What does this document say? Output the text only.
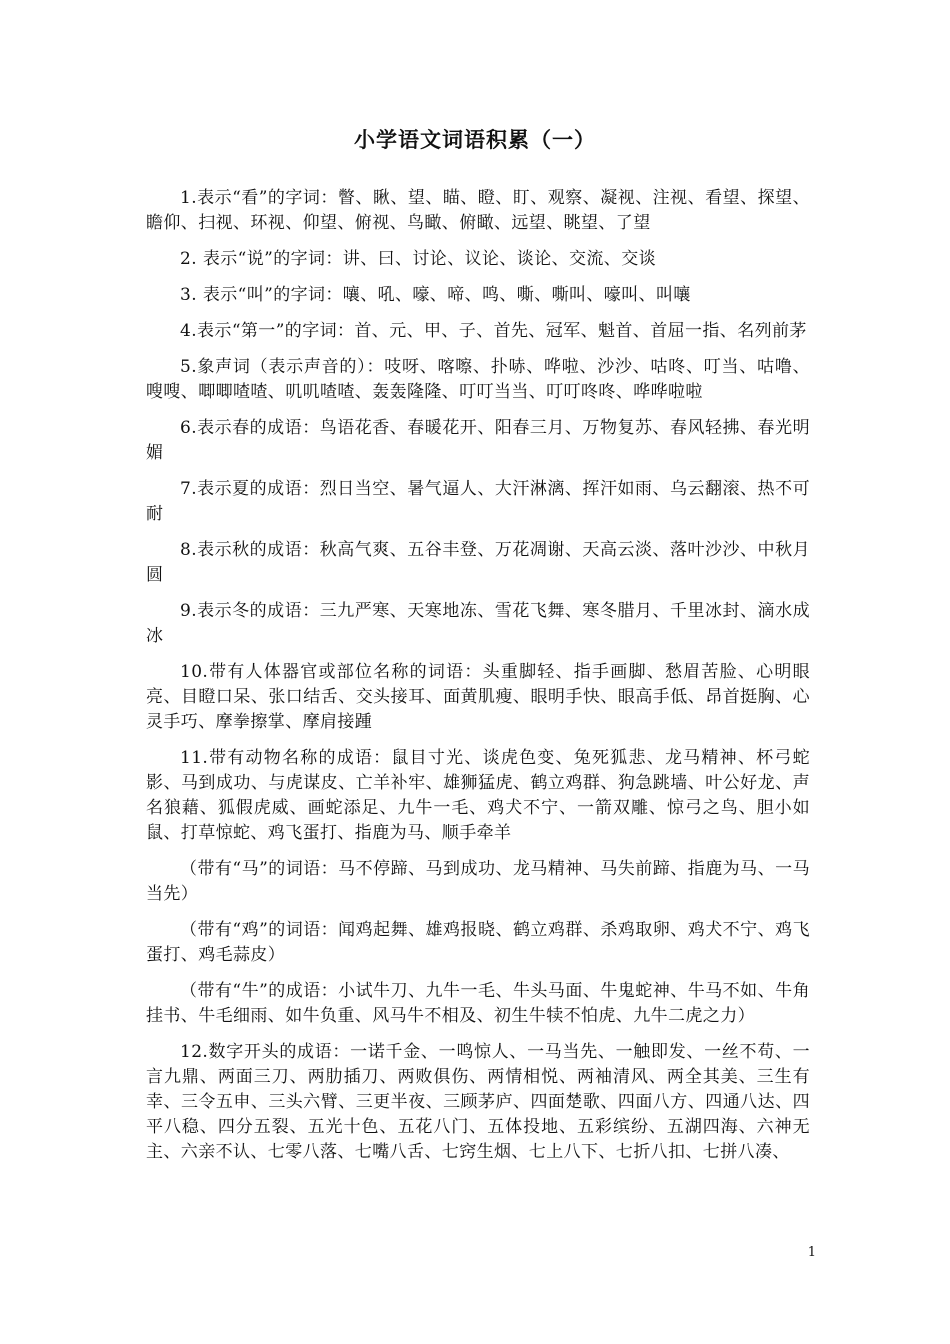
小学语文词语积累（一）

1.表示“看”的字词：瞥、瞅、望、瞄、瞪、盯、观察、凝视、注视、看望、探望、瞻仰、扫视、环视、仰望、俯视、鸟瞰、俯瞰、远望、眺望、了望

2. 表示“说”的字词：讲、曰、讨论、议论、谈论、交流、交谈

3. 表示“叫”的字词：嚷、吼、嚎、啼、鸣、嘶、嘶叫、嚎叫、叫嚷

4.表示“第一”的字词：首、元、甲、子、首先、冠军、魁首、首屈一指、名列前茅

5.象声词（表示声音的）：吱呀、喀嚓、扑哧、哗啦、沙沙、咕咚、叮当、咕噜、嗖嗖、唧唧喳喳、叽叽喳喳、轰轰隆隆、叮叮当当、叮叮咚咚、哗哗啦啦

6.表示春的成语：鸟语花香、春暖花开、阳春三月、万物复苏、春风轻拂、春光明媚

7.表示夏的成语：烈日当空、暑气逼人、大汗淋漓、挥汗如雨、乌云翻滚、热不可耐

8.表示秋的成语：秋高气爽、五谷丰登、万花凋谢、天高云淡、落叶沙沙、中秋月圆

9.表示冬的成语：三九严寒、天寒地冻、雪花飞舞、寒冬腊月、千里冰封、滴水成冰

10.带有人体器官或部位名称的词语：头重脚轻、指手画脚、愁眉苦脸、心明眼亮、目瞪口呆、张口结舌、交头接耳、面黄肌瘦、眼明手快、眼高手低、昂首挺胸、心灵手巧、摩拳擦掌、摩肩接踵

11.带有动物名称的成语：鼠目寸光、谈虎色变、兔死狐悲、龙马精神、杯弓蛇影、马到成功、与虎谋皮、亡羊补牢、雄狮猛虎、鹤立鸡群、狗急跳墙、叶公好龙、声名狼藉、狐假虎威、画蛇添足、九牛一毛、鸡犬不宁、一箭双雕、惊弓之鸟、胆小如鼠、打草惊蛇、鸡飞蛋打、指鹿为马、顺手牵羊

（带有“马”的词语：马不停蹄、马到成功、龙马精神、马失前蹄、指鹿为马、一马当先）

（带有“鸡”的词语：闻鸡起舞、雄鸡报晓、鹤立鸡群、杀鸡取卵、鸡犬不宁、鸡飞蛋打、鸡毛蒜皮）

（带有“牛”的成语：小试牛刀、九牛一毛、牛头马面、牛鬼蛇神、牛马不如、牛角挂书、牛毛细雨、如牛负重、风马牛不相及、初生牛犊不怕虎、九牛二虎之力）

12.数字开头的成语：一诺千金、一鸣惊人、一马当先、一触即发、一丝不苟、一言九鼎、两面三刀、两肋插刀、两败俱伤、两情相悦、两袖清风、两全其美、三生有幸、三令五申、三头六臂、三更半夜、三顾茅庐、四面楚歌、四面八方、四通八达、四平八稳、四分五裂、五光十色、五花八门、五体投地、五彩缤纷、五湖四海、六神无主、六亲不认、七零八落、七嘴八舌、七窍生烟、七上八下、七折八扣、七拼八凑、

1
